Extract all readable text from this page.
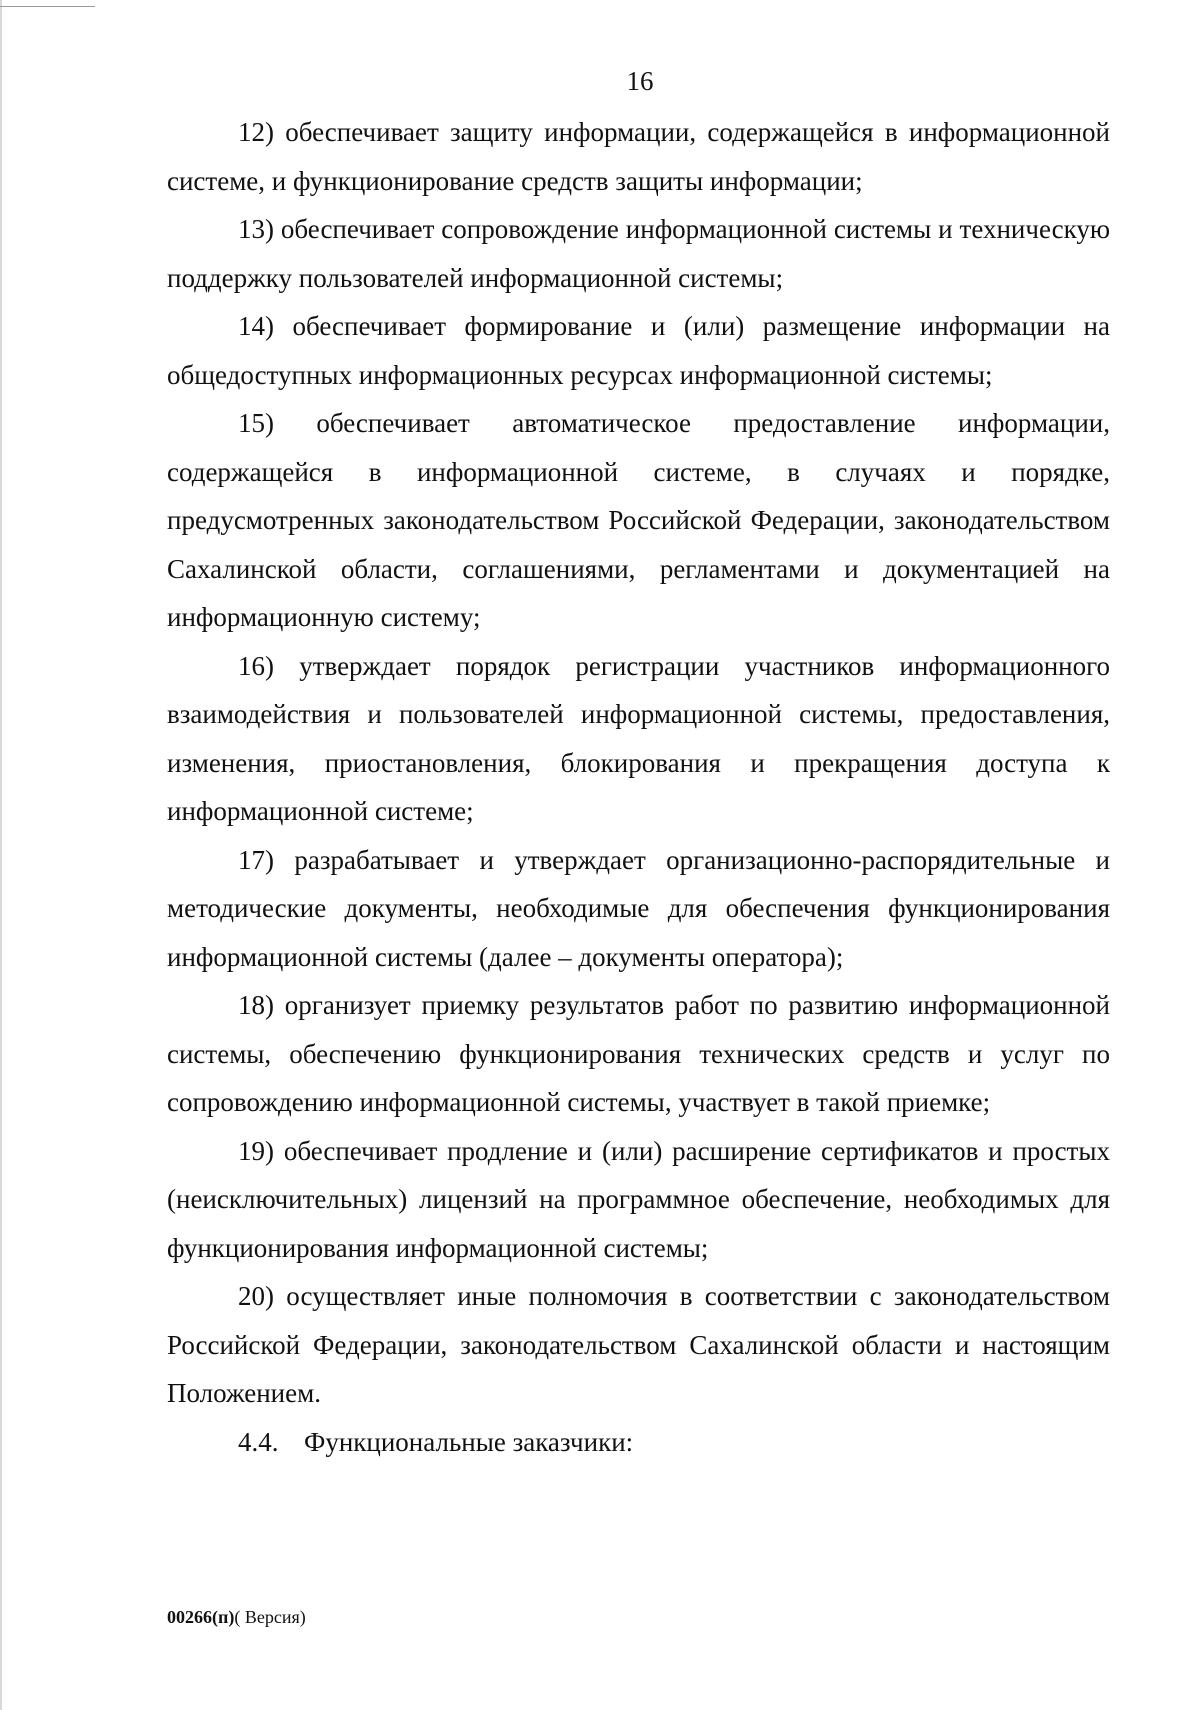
16

12) обеспечивает защиту информации, содержащейся в информационной системе, и функционирование средств защиты информации;

13) обеспечивает сопровождение информационной системы и техническую поддержку пользователей информационной системы;

14) обеспечивает формирование и (или) размещение информации на общедоступных информационных ресурсах информационной системы;

15) обеспечивает автоматическое предоставление информации, содержащейся в информационной системе, в случаях и порядке, предусмотренных законодательством Российской Федерации, законодательством Сахалинской области, соглашениями, регламентами и документацией на информационную систему;

16) утверждает порядок регистрации участников информационного взаимодействия и пользователей информационной системы, предоставления, изменения, приостановления, блокирования и прекращения доступа к информационной системе;

17) разрабатывает и утверждает организационно-распорядительные и методические документы, необходимые для обеспечения функционирования информационной системы (далее – документы оператора);

18) организует приемку результатов работ по развитию информационной системы, обеспечению функционирования технических средств и услуг по сопровождению информационной системы, участвует в такой приемке;

19) обеспечивает продление и (или) расширение сертификатов и простых (неисключительных) лицензий на программное обеспечение, необходимых для функционирования информационной системы;

20) осуществляет иные полномочия в соответствии с законодательством Российской Федерации, законодательством Сахалинской области и настоящим Положением.

4.4. Функциональные заказчики:

00266(п)( Версия)
